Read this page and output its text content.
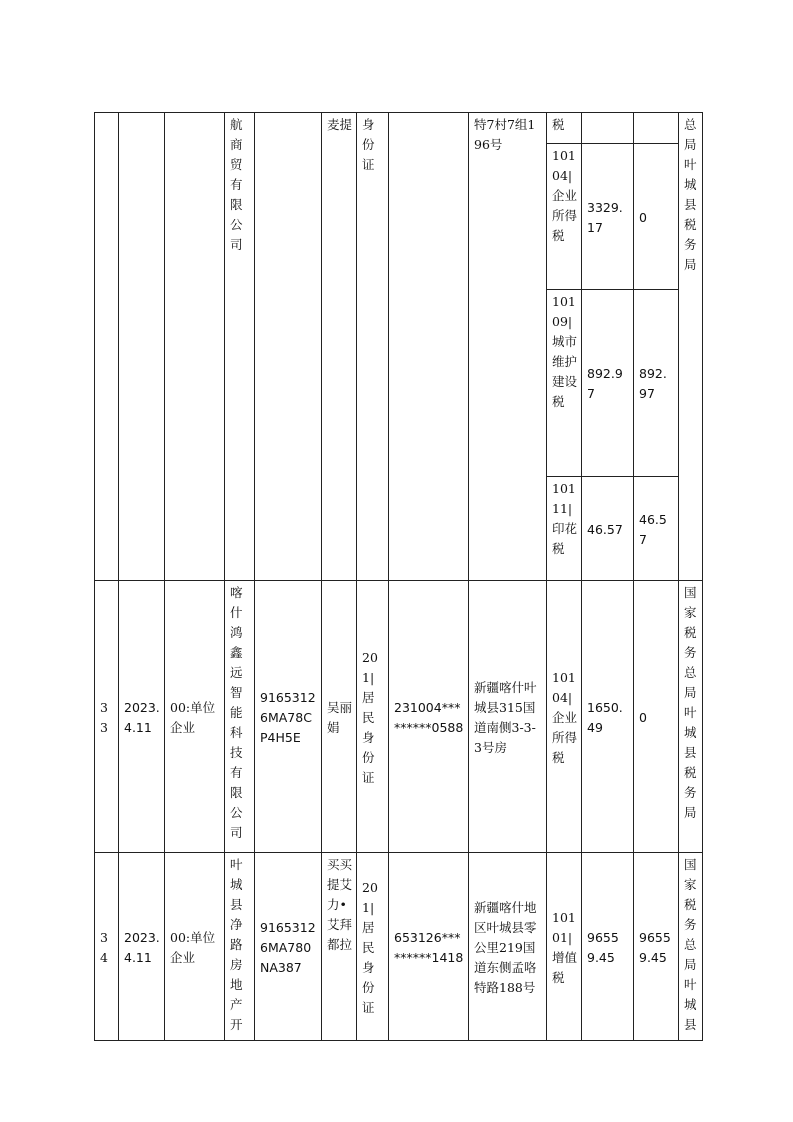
			航商贸有限公司		麦提	身份证		特7村7组196号	税			总局叶城县税务局
									10104|企业所得税	3329.17	0	
									10109|城市维护建设税	892.97	892.97	
									10111|印花税	46.57	46.57	
33	2023.4.11	00:单位企业	喀什鸿鑫远智能科技有限公司	91653126MA78CP4H5E	吴丽娟	201|居民身份证	231004*********0588	新疆喀什叶城县315国道南侧3-3-3号房	10104|企业所得税	1650.49	0	国家税务总局叶城县税务局
34	2023.4.11	00:单位企业	叶城县净路房地产开	91653126MA780NA387	买买提艾力•艾拜都拉	201|居民身份证	653126*********1418	新疆喀什地区叶城县零公里219国道东侧孟咯特路188号	10101|增值税	96559.45	96559.45	国家税务总局叶城县
